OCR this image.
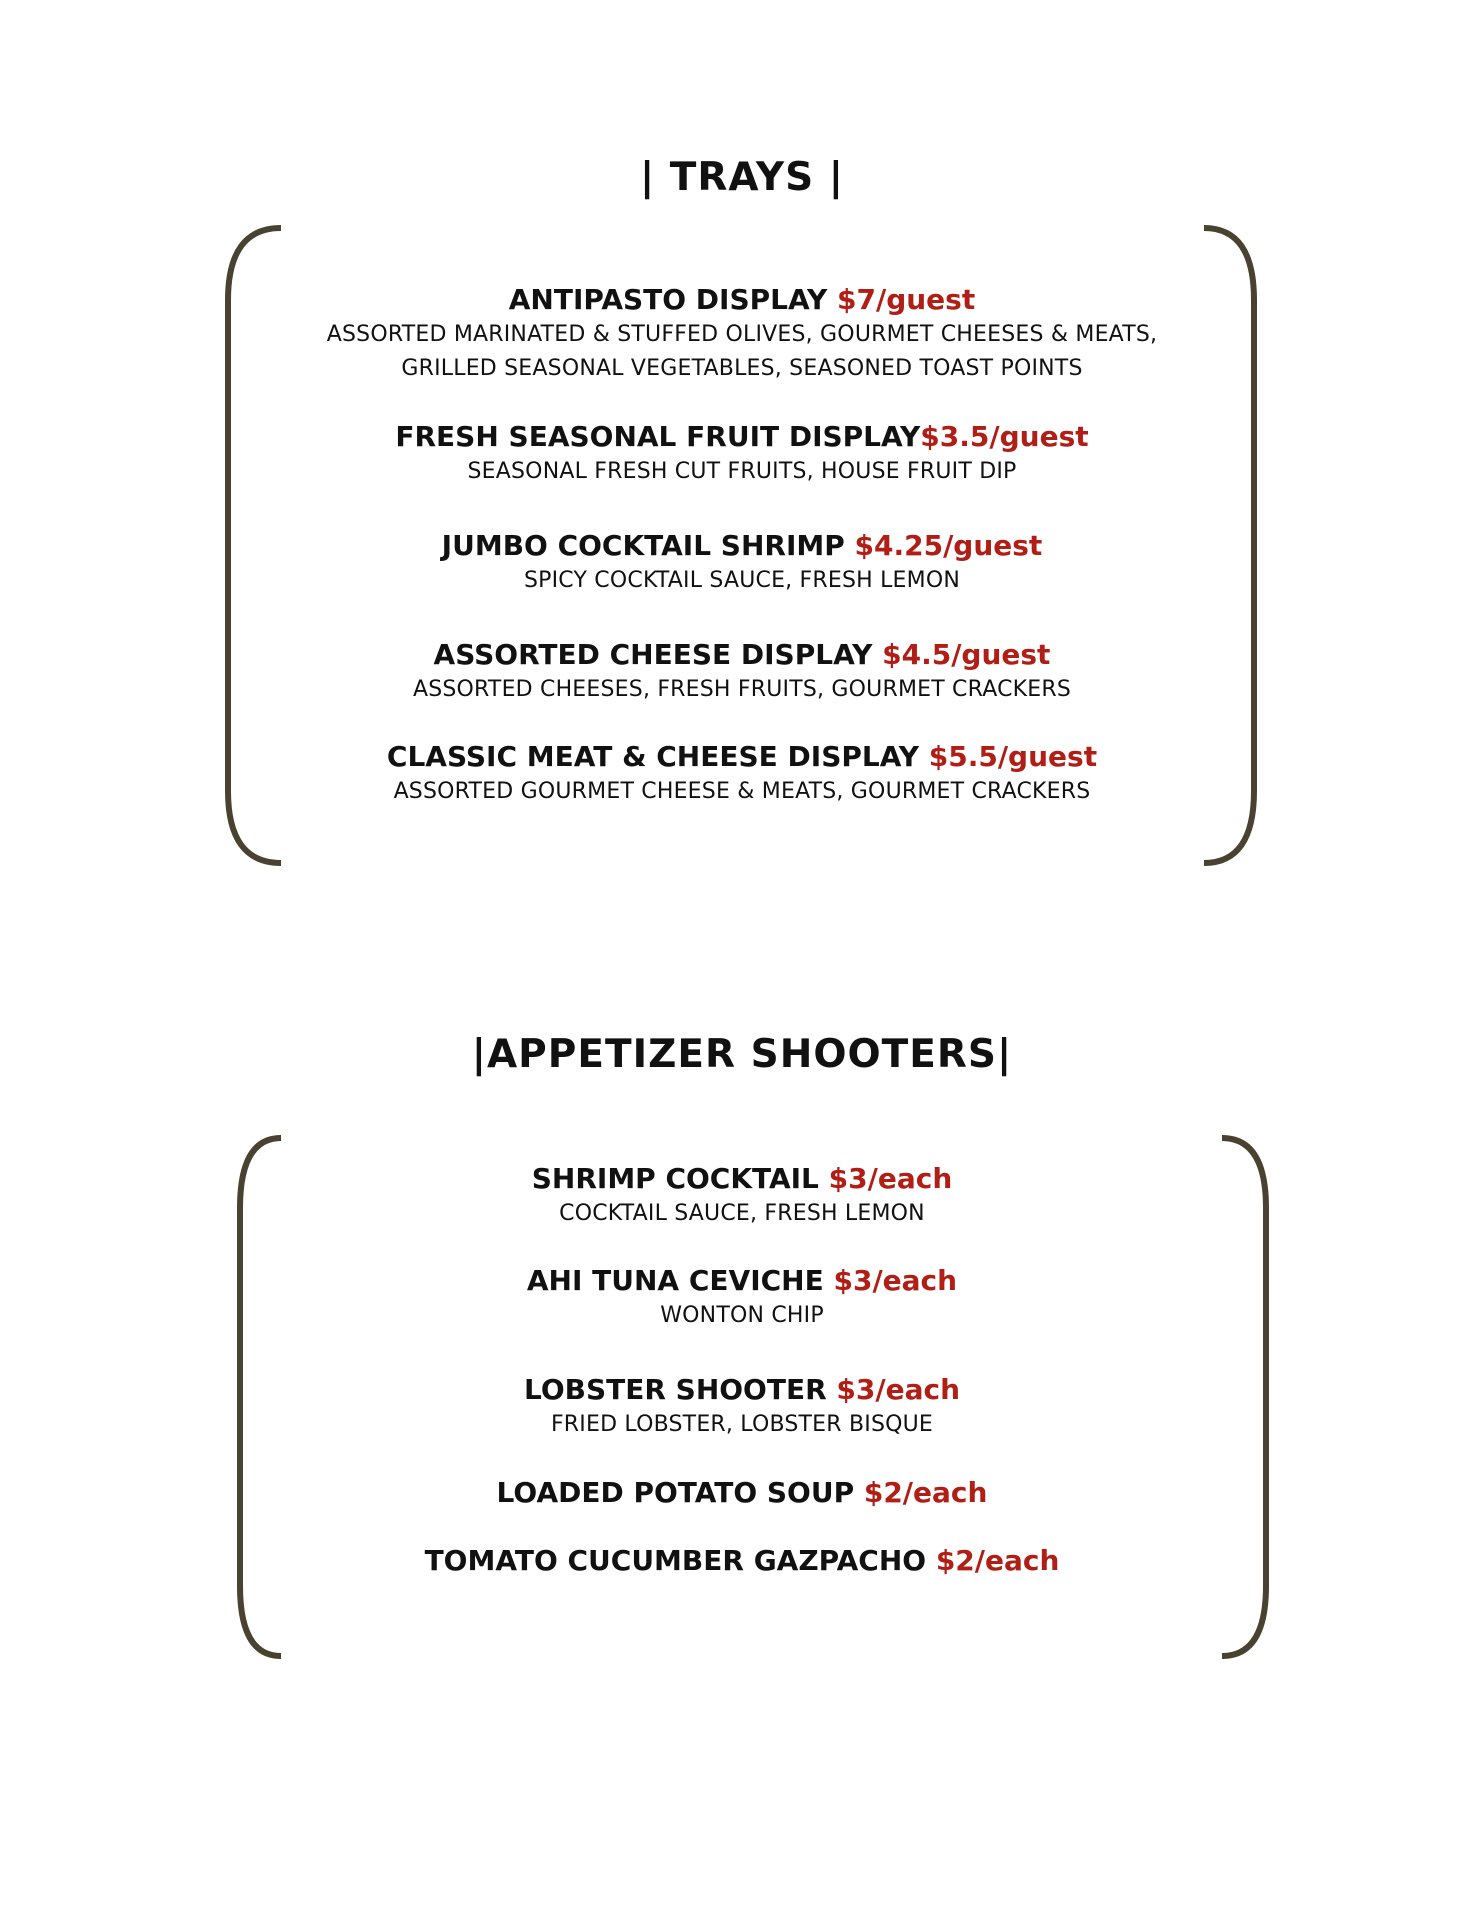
| TRAYS |
ANTIPASTO DISPLAY $7/guest
ASSORTED MARINATED & STUFFED OLIVES, GOURMET CHEESES & MEATS,
GRILLED SEASONAL VEGETABLES, SEASONED TOAST POINTS
FRESH SEASONAL FRUIT DISPLAY$3.5/guest
SEASONAL FRESH CUT FRUITS, HOUSE FRUIT DIP
JUMBO COCKTAIL SHRIMP $4.25/guest
SPICY COCKTAIL SAUCE, FRESH LEMON
ASSORTED CHEESE DISPLAY $4.5/guest
ASSORTED CHEESES, FRESH FRUITS, GOURMET CRACKERS
CLASSIC MEAT & CHEESE DISPLAY $5.5/guest
ASSORTED GOURMET CHEESE & MEATS, GOURMET CRACKERS
|APPETIZER SHOOTERS|
SHRIMP COCKTAIL $3/each
COCKTAIL SAUCE, FRESH LEMON
AHI TUNA CEVICHE $3/each
WONTON CHIP
LOBSTER SHOOTER $3/each
FRIED LOBSTER, LOBSTER BISQUE
LOADED POTATO SOUP $2/each
TOMATO CUCUMBER GAZPACHO $2/each
